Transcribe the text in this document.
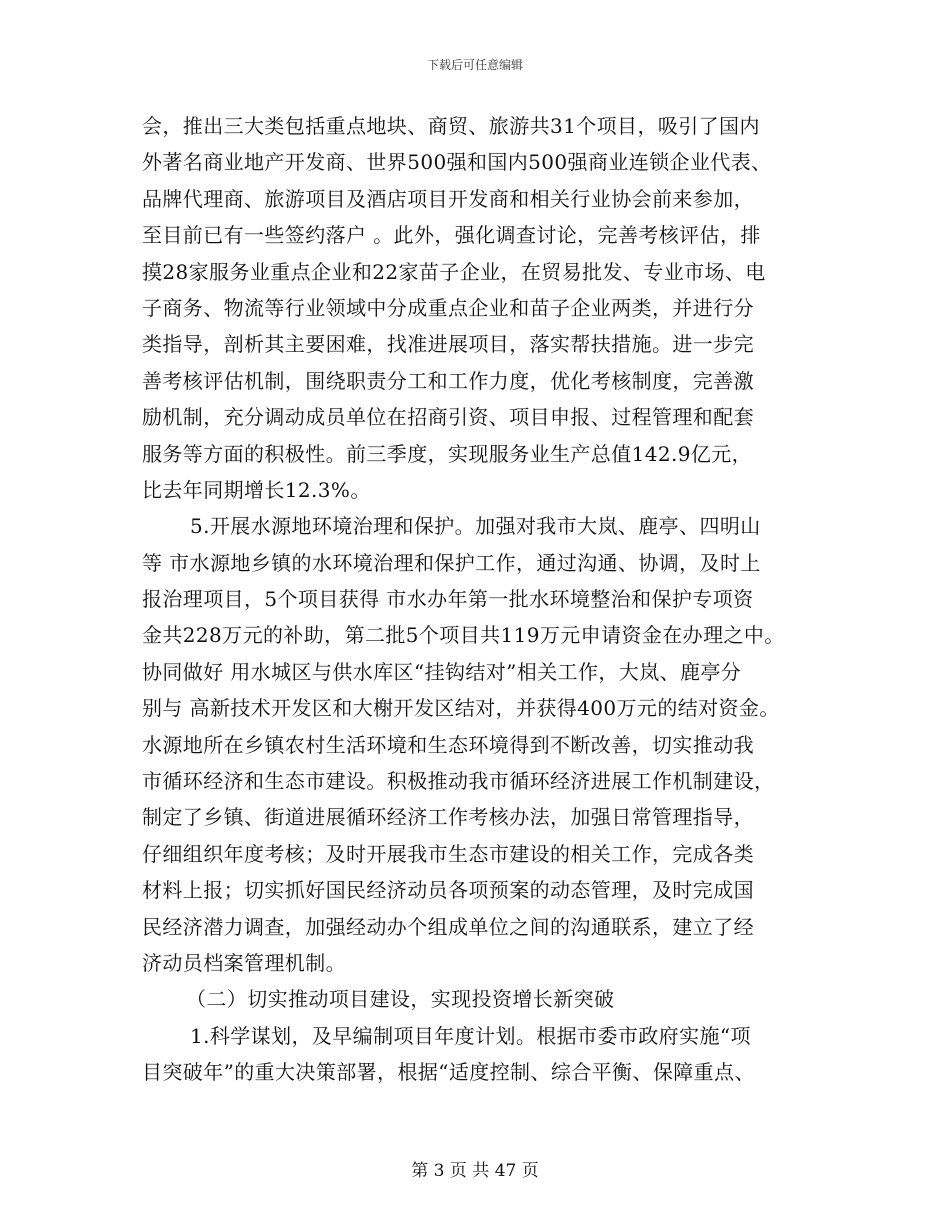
下载后可任意编辑
会，推出三大类包括重点地块、商贸、旅游共31个项目，吸引了国内
外著名商业地产开发商、世界500强和国内500强商业连锁企业代表、
品牌代理商、旅游项目及酒店项目开发商和相关行业协会前来参加，
至目前已有一些签约落户 。此外，强化调查讨论，完善考核评估，排
摸28家服务业重点企业和22家苗子企业，在贸易批发、专业市场、电
子商务、物流等行业领域中分成重点企业和苗子企业两类，并进行分
类指导，剖析其主要困难，找准进展项目，落实帮扶措施。进一步完
善考核评估机制，围绕职责分工和工作力度，优化考核制度，完善激
励机制，充分调动成员单位在招商引资、项目申报、过程管理和配套
服务等方面的积极性。前三季度，实现服务业生产总值142.9亿元，
比去年同期增长12.3%。
5.开展水源地环境治理和保护。加强对我市大岚、鹿亭、四明山
等 市水源地乡镇的水环境治理和保护工作，通过沟通、协调，及时上
报治理项目，5个项目获得 市水办年第一批水环境整治和保护专项资
金共228万元的补助，第二批5个项目共119万元申请资金在办理之中。
协同做好 用水城区与供水库区“挂钩结对”相关工作，大岚、鹿亭分
别与 高新技术开发区和大榭开发区结对，并获得400万元的结对资金。
水源地所在乡镇农村生活环境和生态环境得到不断改善，切实推动我
市循环经济和生态市建设。积极推动我市循环经济进展工作机制建设，
制定了乡镇、街道进展循环经济工作考核办法，加强日常管理指导，
仔细组织年度考核；及时开展我市生态市建设的相关工作，完成各类
材料上报；切实抓好国民经济动员各项预案的动态管理，及时完成国
民经济潜力调查，加强经动办个组成单位之间的沟通联系，建立了经
济动员档案管理机制。
（二）切实推动项目建设，实现投资增长新突破
1.科学谋划，及早编制项目年度计划。根据市委市政府实施“项
目突破年”的重大决策部署，根据“适度控制、综合平衡、保障重点、
第 3 页 共 47 页
